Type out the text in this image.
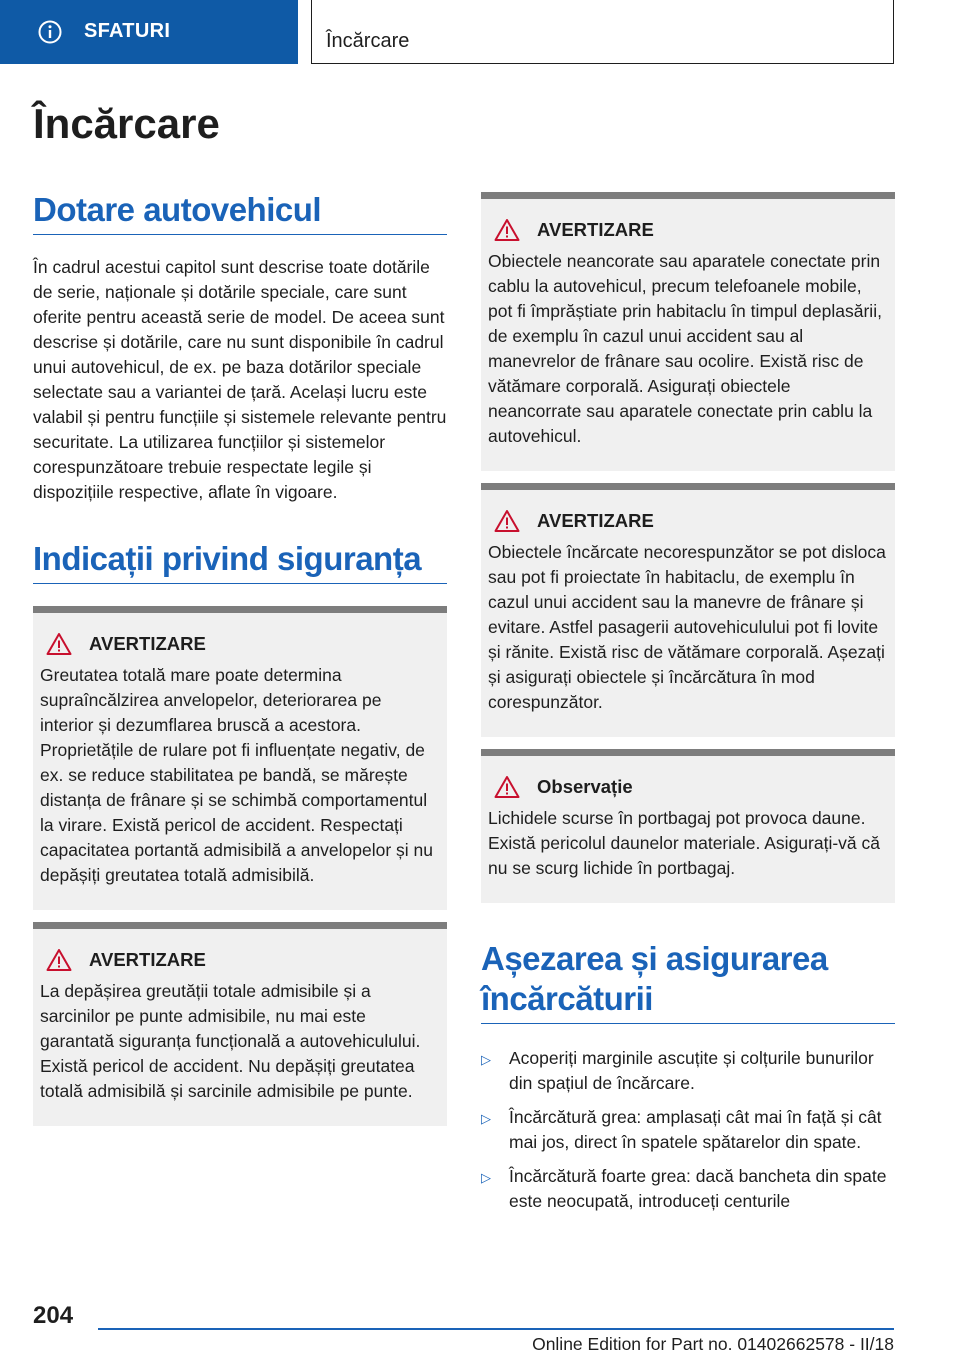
SFATURI	Încărcare
Încărcare
Dotare autovehicul

În cadrul acestui capitol sunt descrise toate dotările de serie, naționale și dotările speciale, care sunt oferite pentru această serie de model. De aceea sunt descrise și dotările, care nu sunt disponibile în cadrul unui autovehicul, de ex. pe baza dotărilor speciale selectate sau a variantei de țară. Același lucru este valabil și pentru funcțiile și sistemele relevante pentru securitate. La utilizarea funcțiilor și sistemelor corespunzătoare trebuie respectate legile și dispozițiile respective, aflate în vigoare.

Indicații privind siguranța
AVERTIZARE

Greutatea totală mare poate determina supraîncălzirea anvelopelor, deteriorarea pe interior și dezumflarea bruscă a acestora. Proprietățile de rulare pot fi influențate negativ, de ex. se reduce stabilitatea pe bandă, se mărește distanța de frânare și se schimbă comportamentul la virare. Există pericol de accident. Respectați capacitatea portantă admisibilă a anvelopelor și nu depășiți greutatea totală admisibilă.

AVERTIZARE

La depășirea greutății totale admisibile și a sarcinilor pe punte admisibile, nu mai este garantată siguranța funcțională a autovehiculului. Există pericol de accident. Nu depășiți greutatea totală admisibilă și sarcinile admisibile pe punte.

AVERTIZARE

Obiectele neancorate sau aparatele conectate prin cablu la autovehicul, precum telefoanele mobile, pot fi împrăștiate prin habitaclu în timpul deplasării, de exemplu în cazul unui accident sau al manevrelor de frânare sau ocolire. Există risc de vătămare corporală. Asigurați obiectele neancorrate sau aparatele conectate prin cablu la autovehicul.

AVERTIZARE

Obiectele încărcate necorespunzător se pot disloca sau pot fi proiectate în habitaclu, de exemplu în cazul unui accident sau la manevre de frânare și evitare. Astfel pasagerii autovehiculului pot fi lovite și rănite. Există risc de vătămare corporală. Așezați și asigurați obiectele și încărcătura în mod corespunzător.

Observație

Lichidele scurse în portbagaj pot provoca daune. Există pericolul daunelor materiale. Asigurați-vă că nu se scurg lichide în portbagaj.

Așezarea și asigurarea încărcăturii
▷ Acoperiți marginile ascuțite și colțurile bunurilor din spațiul de încărcare.
▷ Încărcătură grea: amplasați cât mai în față și cât mai jos, direct în spatele spătarelor din spate.
▷ Încărcătură foarte grea: dacă bancheta din spate este neocupată, introduceți centurile
204
Online Edition for Part no. 01402662578 - II/18
